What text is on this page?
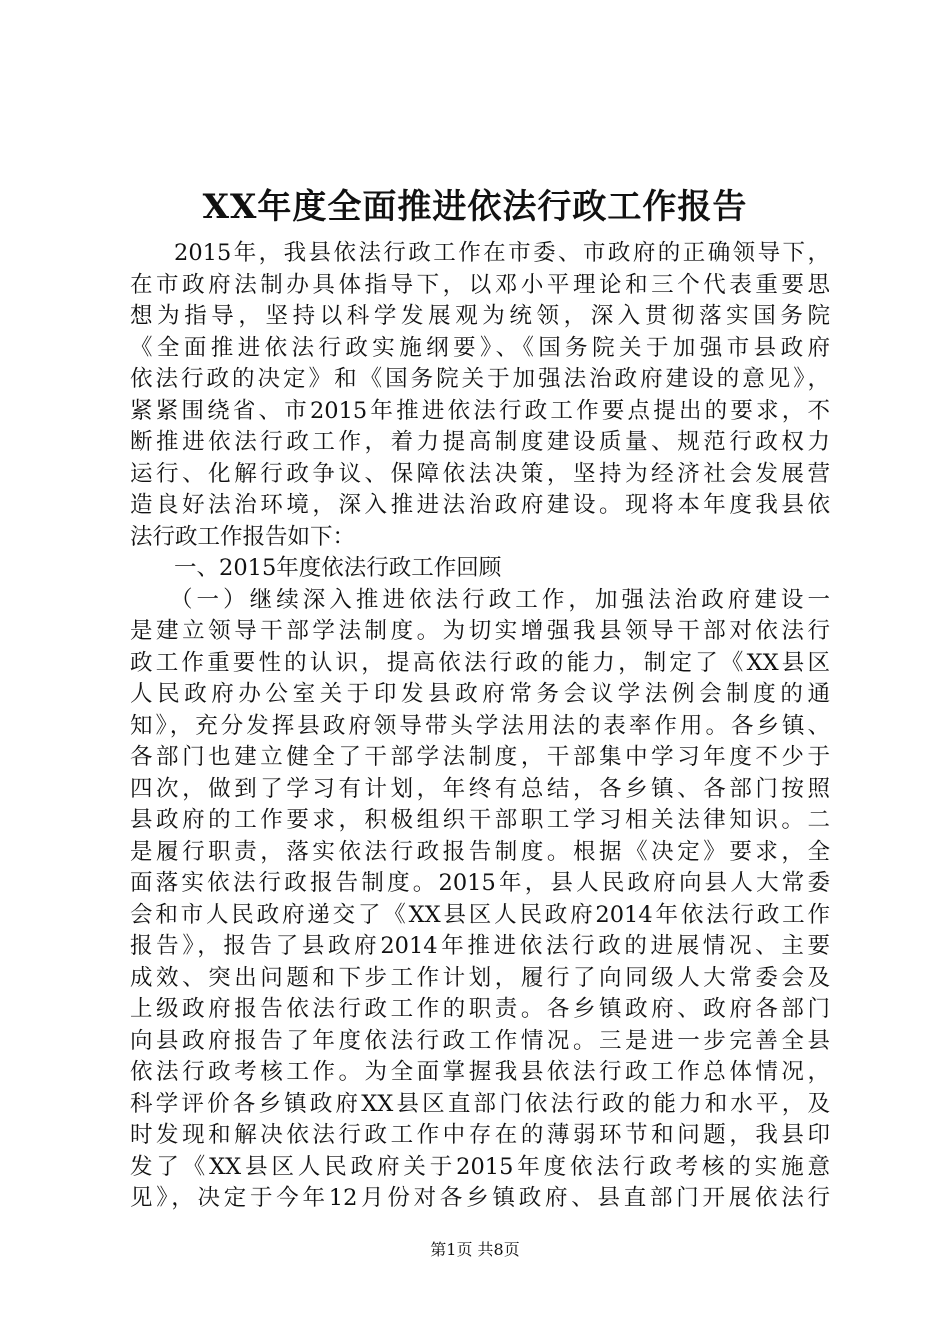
XX年度全面推进依法行政工作报告
2015年，我县依法行政工作在市委、市政府的正确领导下，
在市政府法制办具体指导下，以邓小平理论和三个代表重要思
想为指导，坚持以科学发展观为统领，深入贯彻落实国务院
《全面推进依法行政实施纲要》、《国务院关于加强市县政府
依法行政的决定》和《国务院关于加强法治政府建设的意见》，
紧紧围绕省、市2015年推进依法行政工作要点提出的要求，不
断推进依法行政工作，着力提高制度建设质量、规范行政权力
运行、化解行政争议、保障依法决策，坚持为经济社会发展营
造良好法治环境，深入推进法治政府建设。现将本年度我县依
法行政工作报告如下：
一、2015年度依法行政工作回顾
（一）继续深入推进依法行政工作，加强法治政府建设一
是建立领导干部学法制度。为切实增强我县领导干部对依法行
政工作重要性的认识，提高依法行政的能力，制定了《XX县区
人民政府办公室关于印发县政府常务会议学法例会制度的通
知》，充分发挥县政府领导带头学法用法的表率作用。各乡镇、
各部门也建立健全了干部学法制度，干部集中学习年度不少于
四次，做到了学习有计划，年终有总结，各乡镇、各部门按照
县政府的工作要求，积极组织干部职工学习相关法律知识。二
是履行职责，落实依法行政报告制度。根据《决定》要求，全
面落实依法行政报告制度。2015年，县人民政府向县人大常委
会和市人民政府递交了《XX县区人民政府2014年依法行政工作
报告》，报告了县政府2014年推进依法行政的进展情况、主要
成效、突出问题和下步工作计划，履行了向同级人大常委会及
上级政府报告依法行政工作的职责。各乡镇政府、政府各部门
向县政府报告了年度依法行政工作情况。三是进一步完善全县
依法行政考核工作。为全面掌握我县依法行政工作总体情况，
科学评价各乡镇政府XX县区直部门依法行政的能力和水平，及
时发现和解决依法行政工作中存在的薄弱环节和问题，我县印
发了《XX县区人民政府关于2015年度依法行政考核的实施意
见》，决定于今年12月份对各乡镇政府、县直部门开展依法行
第1页 共8页
